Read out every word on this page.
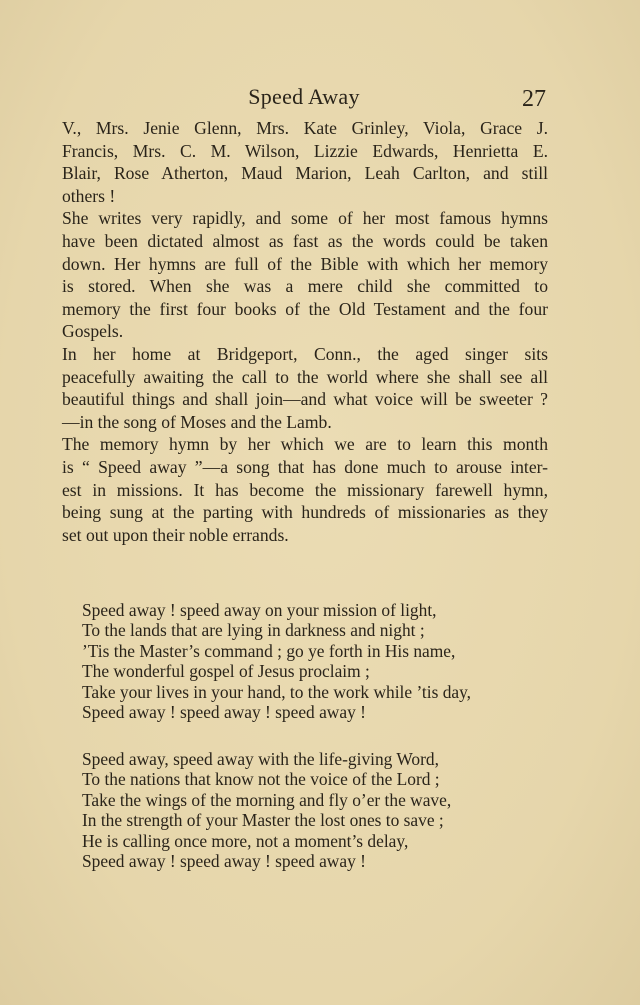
Speed Away	27

V., Mrs. Jenie Glenn, Mrs. Kate Grinley, Viola, Grace J.
Francis, Mrs. C. M. Wilson, Lizzie Edwards, Henrietta E.
Blair, Rose Atherton, Maud Marion, Leah Carlton, and still
others !

She writes very rapidly, and some of her most famous hymns
have been dictated almost as fast as the words could be taken
down. Her hymns are full of the Bible with which her memory
is stored. When she was a mere child she committed to
memory the first four books of the Old Testament and the four
Gospels.

In her home at Bridgeport, Conn., the aged singer sits
peacefully awaiting the call to the world where she shall see all
beautiful things and shall join—and what voice will be sweeter ?
—in the song of Moses and the Lamb.

The memory hymn by her which we are to learn this month
is “ Speed away ”—a song that has done much to arouse inter-
est in missions. It has become the missionary farewell hymn,
being sung at the parting with hundreds of missionaries as they
set out upon their noble errands.

Speed away ! speed away on your mission of light,
To the lands that are lying in darkness and night ;
’Tis the Master’s command ; go ye forth in His name,
The wonderful gospel of Jesus proclaim ;
Take your lives in your hand, to the work while ’tis day,
Speed away ! speed away ! speed away !
Speed away, speed away with the life-giving Word,
To the nations that know not the voice of the Lord ;
Take the wings of the morning and fly o’er the wave,
In the strength of your Master the lost ones to save ;
He is calling once more, not a moment’s delay,
Speed away ! speed away ! speed away !
